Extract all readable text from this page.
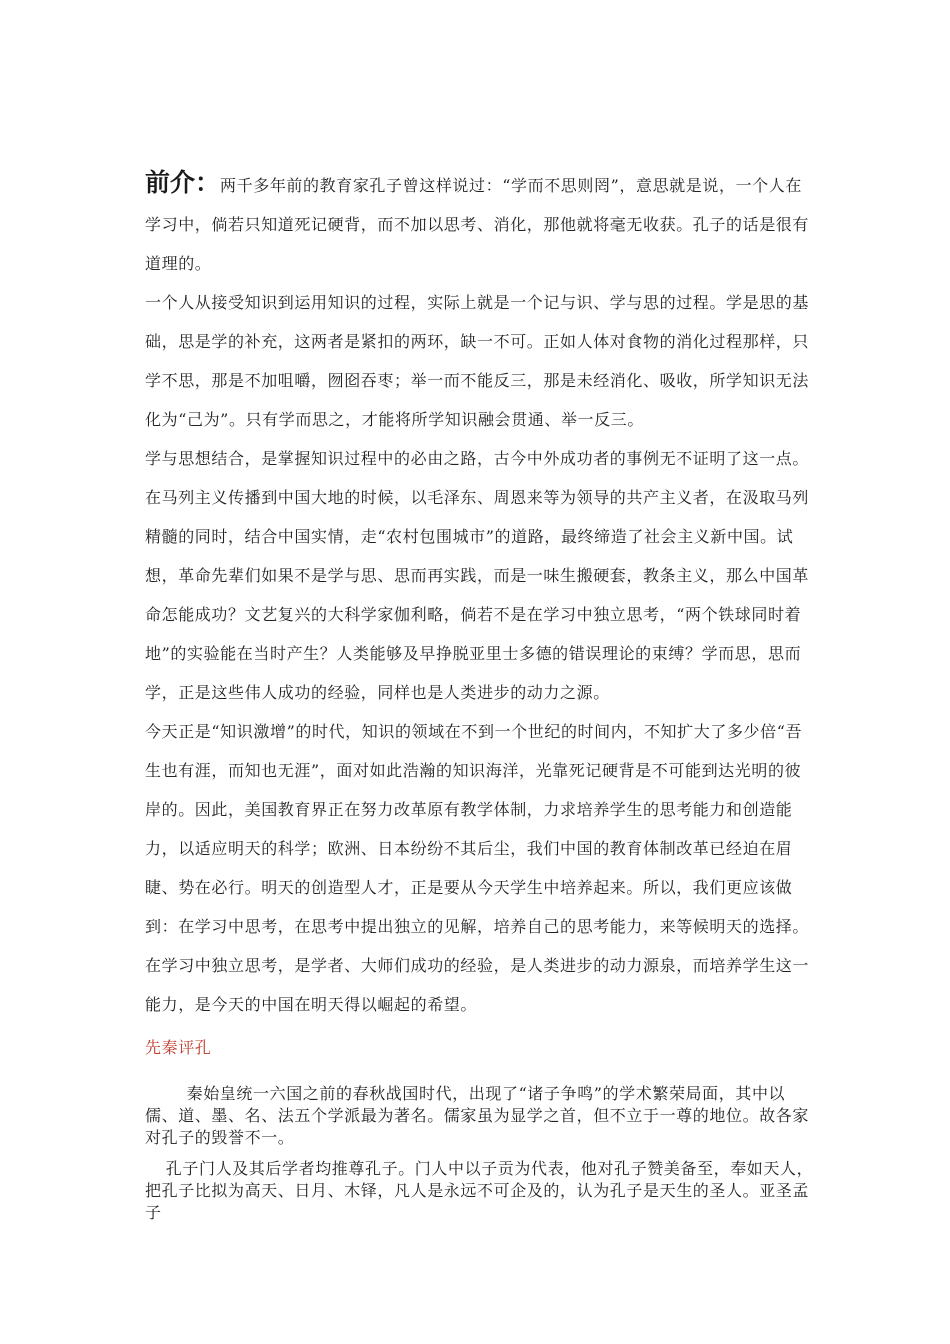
前介：两千多年前的教育家孔子曾这样说过：“学而不思则罔”，意思就是说，一个人在学习中，倘若只知道死记硬背，而不加以思考、消化，那他就将毫无收获。孔子的话是很有道理的。

一个人从接受知识到运用知识的过程，实际上就是一个记与识、学与思的过程。学是思的基础，思是学的补充，这两者是紧扣的两环，缺一不可。正如人体对食物的消化过程那样，只学不思，那是不加咀嚼，囫囵吞枣；举一而不能反三，那是未经消化、吸收，所学知识无法化为“己为”。只有学而思之，才能将所学知识融会贯通、举一反三。

学与思想结合，是掌握知识过程中的必由之路，古今中外成功者的事例无不证明了这一点。在马列主义传播到中国大地的时候，以毛泽东、周恩来等为领导的共产主义者，在汲取马列精髓的同时，结合中国实情，走“农村包围城市”的道路，最终缔造了社会主义新中国。试想，革命先辈们如果不是学与思、思而再实践，而是一味生搬硬套，教条主义，那么中国革命怎能成功？文艺复兴的大科学家伽利略，倘若不是在学习中独立思考，“两个铁球同时着地”的实验能在当时产生？人类能够及早挣脱亚里士多德的错误理论的束缚？学而思，思而学，正是这些伟人成功的经验，同样也是人类进步的动力之源。

今天正是“知识激增”的时代，知识的领域在不到一个世纪的时间内，不知扩大了多少倍“吾生也有涯，而知也无涯”，面对如此浩瀚的知识海洋，光靠死记硬背是不可能到达光明的彼岸的。因此，美国教育界正在努力改革原有教学体制，力求培养学生的思考能力和创造能力，以适应明天的科学；欧洲、日本纷纷不其后尘，我们中国的教育体制改革已经迫在眉睫、势在必行。明天的创造型人才，正是要从今天学生中培养起来。所以，我们更应该做到：在学习中思考，在思考中提出独立的见解，培养自己的思考能力，来等候明天的选择。

在学习中独立思考，是学者、大师们成功的经验，是人类进步的动力源泉，而培养学生这一能力，是今天的中国在明天得以崛起的希望。

先秦评孔

秦始皇统一六国之前的春秋战国时代，出现了“诸子争鸣”的学术繁荣局面，其中以儒、道、墨、名、法五个学派最为著名。儒家虽为显学之首，但不立于一尊的地位。故各家对孔子的毁誉不一。

孔子门人及其后学者均推尊孔子。门人中以子贡为代表，他对孔子赞美备至，奉如天人，把孔子比拟为高天、日月、木铎，凡人是永远不可企及的，认为孔子是天生的圣人。亚圣孟子
